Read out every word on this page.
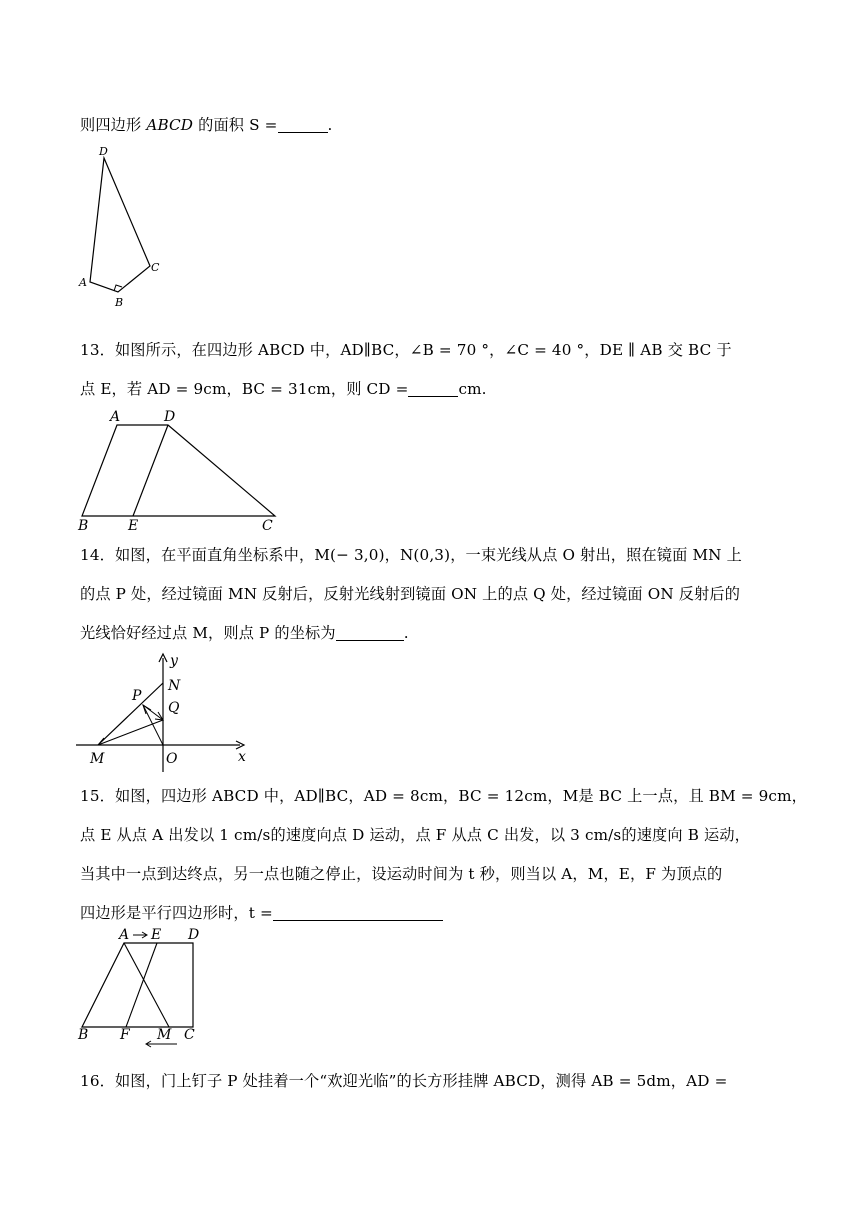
则四边形 ABCD 的面积 S =	.
D
A
C
B
13．如图所示，在四边形 ABCD 中，AD∥BC，∠B = 70 °，∠C = 40 °，DE ∥ AB 交 BC 于
点 E，若 AD = 9cm，BC = 31cm，则 CD =	cm.
A	D
B	E	C
14．如图，在平面直角坐标系中，M(− 3,0)，N(0,3)，一束光线从点 O 射出，照在镜面 MN 上
的点 P 处，经过镜面 MN 反射后，反射光线射到镜面 ON 上的点 Q 处，经过镜面 ON 反射后的
光线恰好经过点 M，则点 P 的坐标为	.
y
N
P
Q
M	O	x
15．如图，四边形 ABCD 中，AD∥BC，AD = 8cm，BC = 12cm，M是 BC 上一点，且 BM = 9cm，
点 E 从点 A 出发以 1 cm/s的速度向点 D 运动，点 F 从点 C 出发，以 3 cm/s的速度向 B 运动，
当其中一点到达终点，另一点也随之停止，设运动时间为 t 秒，则当以 A，M，E，F 为顶点的
四边形是平行四边形时，t =
A E D
B F M C
16．如图，门上钉子 P 处挂着一个“欢迎光临”的长方形挂牌 ABCD，测得 AB = 5dm，AD =
